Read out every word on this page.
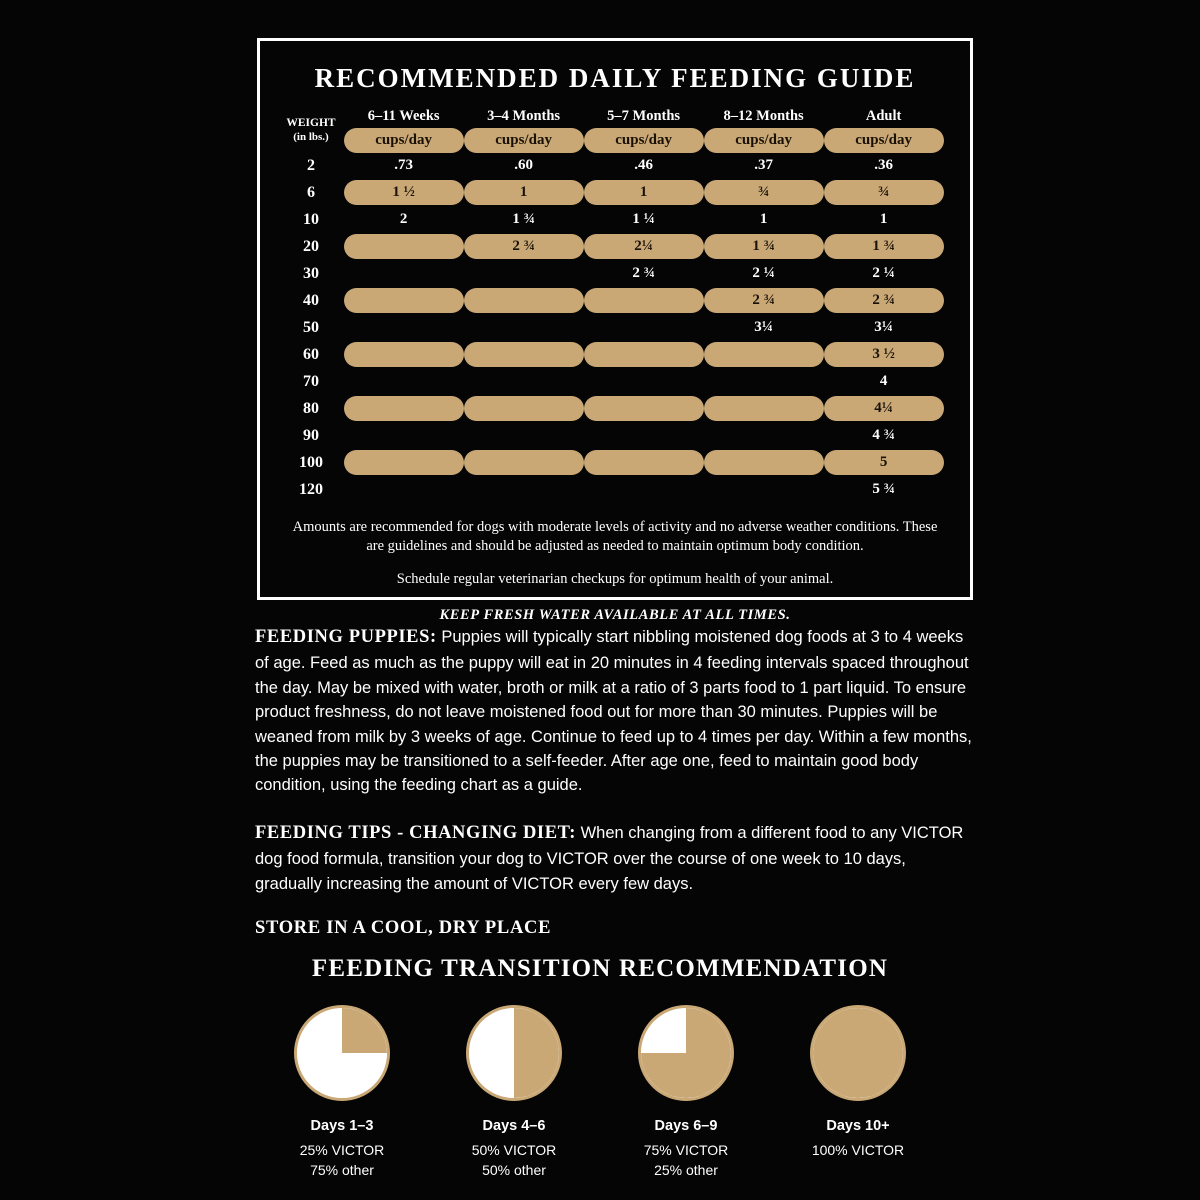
RECOMMENDED DAILY FEEDING GUIDE
WEIGHT
(in lbs.)	6–11 Weeks	3–4 Months	5–7 Months	8–12 Months	Adult

	cups/day	cups/day	cups/day	cups/day	cups/day

2	.73	.60	.46	.37	.36

6	1 ½	1	1	¾	¾

10	2	1 ¾	1 ¼	1	1

20		2 ¾	2¼	1 ¾	1 ¾

30			2 ¾	2 ¼	2 ¼

40				2 ¾	2 ¾

50				3¼	3¼

60					3 ½

70					4

80					4¼

90					4 ¾

100					5

120					5 ¾
Amounts are recommended for dogs with moderate levels of activity and no adverse weather conditions. These are guidelines and should be adjusted as needed to maintain optimum body condition.
Schedule regular veterinarian checkups for optimum health of your animal.
KEEP FRESH WATER AVAILABLE AT ALL TIMES.
FEEDING PUPPIES: Puppies will typically start nibbling moistened dog foods at 3 to 4 weeks of age. Feed as much as the puppy will eat in 20 minutes in 4 feeding intervals spaced throughout the day. May be mixed with water, broth or milk at a ratio of 3 parts food to 1 part liquid. To ensure product freshness, do not leave moistened food out for more than 30 minutes. Puppies will be weaned from milk by 3 weeks of age. Continue to feed up to 4 times per day. Within a few months, the puppies may be transitioned to a self-feeder. After age one, feed to maintain good body condition, using the feeding chart as a guide.
FEEDING TIPS - CHANGING DIET: When changing from a different food to any VICTOR dog food formula, transition your dog to VICTOR over the course of one week to 10 days, gradually increasing the amount of VICTOR every few days.
STORE IN A COOL, DRY PLACE
FEEDING TRANSITION RECOMMENDATION
Days 1–3
25% VICTOR
75% other
Days 4–6
50% VICTOR
50% other
Days 6–9
75% VICTOR
25% other
Days 10+
100% VICTOR
